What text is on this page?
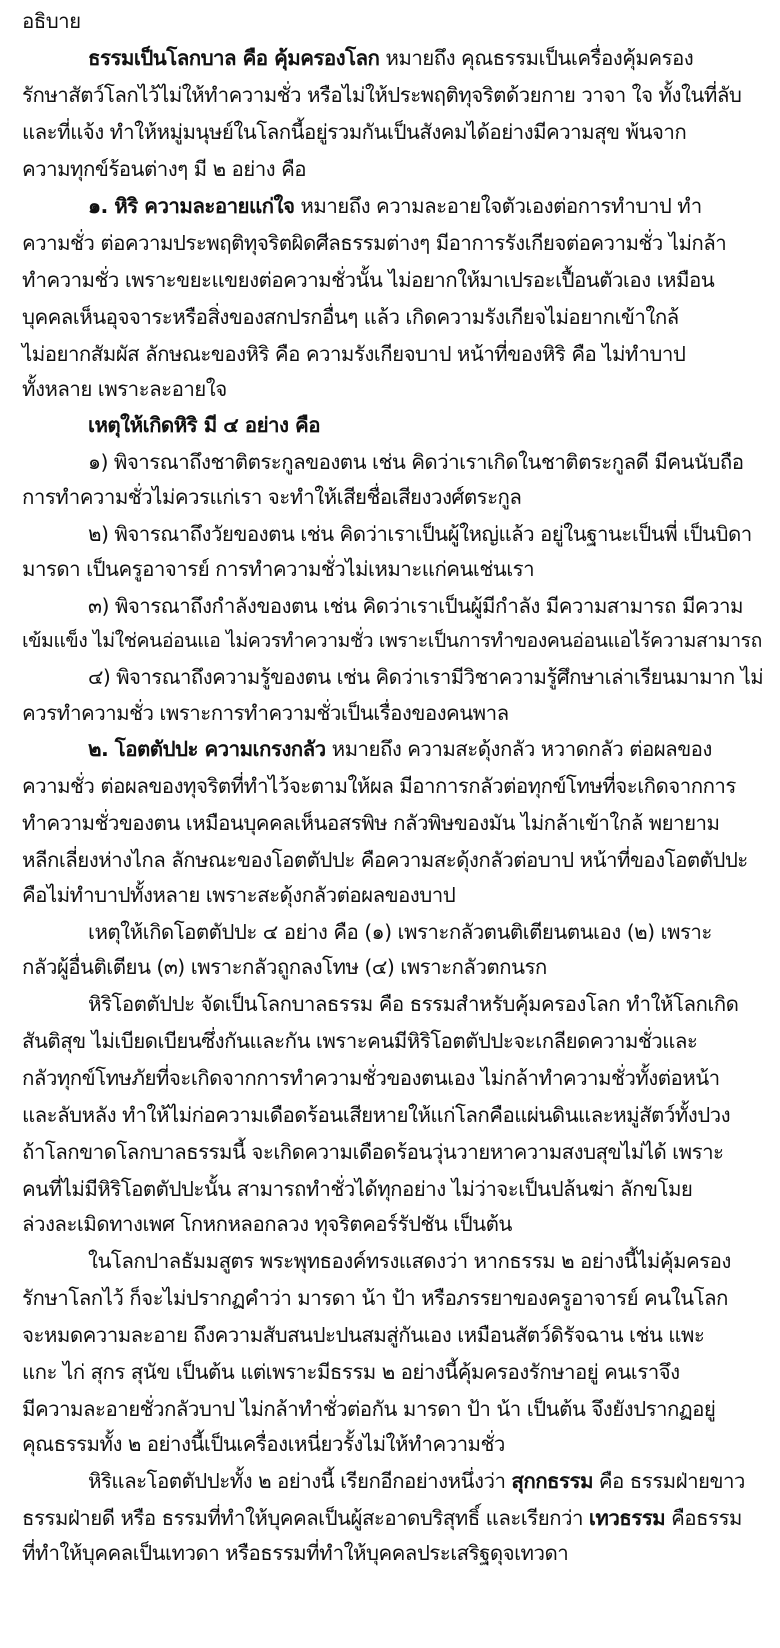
อธิบาย
ธรรมเป็นโลกบาล คือ คุ้มครองโลก หมายถึง คุณธรรมเป็นเครื่องคุ้มครอง
รักษาสัตว์โลกไว้ไม่ให้ทำความชั่ว หรือไม่ให้ประพฤติทุจริตด้วยกาย วาจา ใจ ทั้งในที่ลับ
และที่แจ้ง ทำให้หมู่มนุษย์ในโลกนี้อยู่รวมกันเป็นสังคมได้อย่างมีความสุข พ้นจาก
ความทุกข์ร้อนต่างๆ มี ๒ อย่าง คือ
๑. หิริ ความละอายแก่ใจ หมายถึง ความละอายใจตัวเองต่อการทำบาป ทำ
ความชั่ว ต่อความประพฤติทุจริตผิดศีลธรรมต่างๆ มีอาการรังเกียจต่อความชั่ว ไม่กล้า
ทำความชั่ว เพราะขยะแขยงต่อความชั่วนั้น ไม่อยากให้มาเปรอะเปื้อนตัวเอง เหมือน
บุคคลเห็นอุจจาระหรือสิ่งของสกปรกอื่นๆ แล้ว เกิดความรังเกียจไม่อยากเข้าใกล้
ไม่อยากสัมผัส ลักษณะของหิริ คือ ความรังเกียจบาป หน้าที่ของหิริ คือ ไม่ทำบาป
ทั้งหลาย เพราะละอายใจ
เหตุให้เกิดหิริ มี ๔ อย่าง คือ
๑) พิจารณาถึงชาติตระกูลของตน เช่น คิดว่าเราเกิดในชาติตระกูลดี มีคนนับถือ
การทำความชั่วไม่ควรแก่เรา จะทำให้เสียชื่อเสียงวงศ์ตระกูล
๒) พิจารณาถึงวัยของตน เช่น คิดว่าเราเป็นผู้ใหญ่แล้ว อยู่ในฐานะเป็นพี่ เป็นบิดา
มารดา เป็นครูอาจารย์ การทำความชั่วไม่เหมาะแก่คนเช่นเรา
๓) พิจารณาถึงกำลังของตน เช่น คิดว่าเราเป็นผู้มีกำลัง มีความสามารถ มีความ
เข้มแข็ง ไม่ใช่คนอ่อนแอ ไม่ควรทำความชั่ว เพราะเป็นการทำของคนอ่อนแอไร้ความสามารถ
๔) พิจารณาถึงความรู้ของตน เช่น คิดว่าเรามีวิชาความรู้ศึกษาเล่าเรียนมามาก ไม่
ควรทำความชั่ว เพราะการทำความชั่วเป็นเรื่องของคนพาล
๒. โอตตัปปะ ความเกรงกลัว หมายถึง ความสะดุ้งกลัว หวาดกลัว ต่อผลของ
ความชั่ว ต่อผลของทุจริตที่ทำไว้จะตามให้ผล มีอาการกลัวต่อทุกข์โทษที่จะเกิดจากการ
ทำความชั่วของตน เหมือนบุคคลเห็นอสรพิษ กลัวพิษของมัน ไม่กล้าเข้าใกล้ พยายาม
หลีกเลี่ยงห่างไกล ลักษณะของโอตตัปปะ คือความสะดุ้งกลัวต่อบาป หน้าที่ของโอตตัปปะ
คือไม่ทำบาปทั้งหลาย เพราะสะดุ้งกลัวต่อผลของบาป
เหตุให้เกิดโอตตัปปะ ๔ อย่าง คือ (๑) เพราะกลัวตนติเตียนตนเอง (๒) เพราะ
กลัวผู้อื่นติเตียน (๓) เพราะกลัวถูกลงโทษ (๔) เพราะกลัวตกนรก
หิริโอตตัปปะ จัดเป็นโลกบาลธรรม คือ ธรรมสำหรับคุ้มครองโลก ทำให้โลกเกิด
สันติสุข ไม่เบียดเบียนซึ่งกันและกัน เพราะคนมีหิริโอตตัปปะจะเกลียดความชั่วและ
กลัวทุกข์โทษภัยที่จะเกิดจากการทำความชั่วของตนเอง ไม่กล้าทำความชั่วทั้งต่อหน้า
และลับหลัง ทำให้ไม่ก่อความเดือดร้อนเสียหายให้แก่โลกคือแผ่นดินและหมู่สัตว์ทั้งปวง
ถ้าโลกขาดโลกบาลธรรมนี้ จะเกิดความเดือดร้อนวุ่นวายหาความสงบสุขไม่ได้ เพราะ
คนที่ไม่มีหิริโอตตัปปะนั้น สามารถทำชั่วได้ทุกอย่าง ไม่ว่าจะเป็นปล้นฆ่า ลักขโมย
ล่วงละเมิดทางเพศ โกหกหลอกลวง ทุจริตคอร์รัปชัน เป็นต้น
ในโลกปาลธัมมสูตร พระพุทธองค์ทรงแสดงว่า หากธรรม ๒ อย่างนี้ไม่คุ้มครอง
รักษาโลกไว้ ก็จะไม่ปรากฏคำว่า มารดา น้า ป้า หรือภรรยาของครูอาจารย์ คนในโลก
จะหมดความละอาย ถึงความสับสนปะปนสมสู่กันเอง เหมือนสัตว์ดิรัจฉาน เช่น แพะ
แกะ ไก่ สุกร สุนัข เป็นต้น แต่เพราะมีธรรม ๒ อย่างนี้คุ้มครองรักษาอยู่ คนเราจึง
มีความละอายชั่วกลัวบาป ไม่กล้าทำชั่วต่อกัน มารดา ป้า น้า เป็นต้น จึงยังปรากฏอยู่
คุณธรรมทั้ง ๒ อย่างนี้เป็นเครื่องเหนี่ยวรั้งไม่ให้ทำความชั่ว
หิริและโอตตัปปะทั้ง ๒ อย่างนี้ เรียกอีกอย่างหนึ่งว่า สุกกธรรม คือ ธรรมฝ่ายขาว
ธรรมฝ่ายดี หรือ ธรรมที่ทำให้บุคคลเป็นผู้สะอาดบริสุทธิ์ และเรียกว่า เทวธรรม คือธรรม
ที่ทำให้บุคคลเป็นเทวดา หรือธรรมที่ทำให้บุคคลประเสริฐดุจเทวดา
